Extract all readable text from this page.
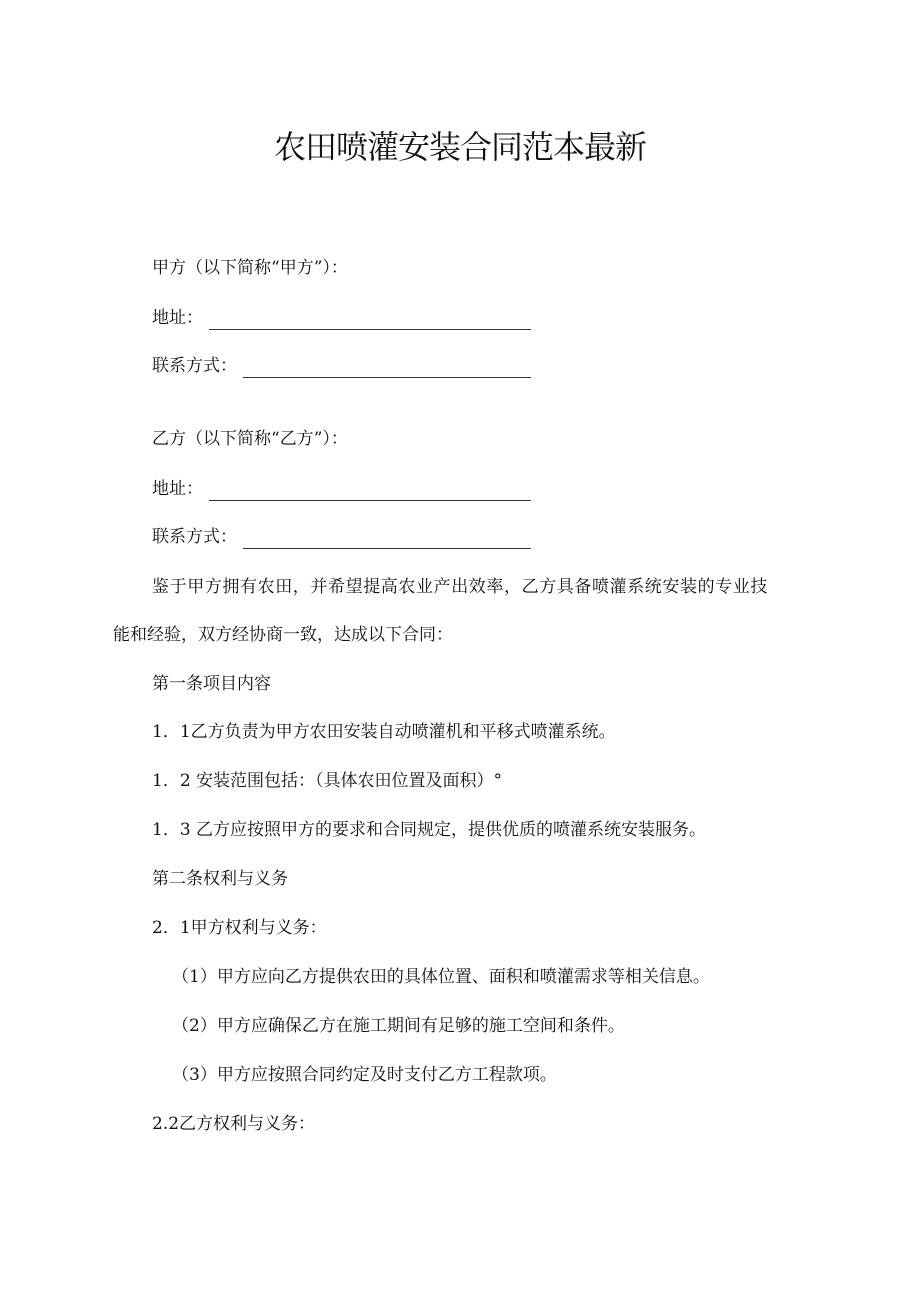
农田喷灌安装合同范本最新
甲方（以下简称“甲方”）：
地址：
联系方式：
乙方（以下简称“乙方”）：
地址：
联系方式：
鉴于甲方拥有农田，并希望提高农业产出效率，乙方具备喷灌系统安装的专业技
能和经验，双方经协商一致，达成以下合同：
第一条项目内容
1．1乙方负责为甲方农田安装自动喷灌机和平移式喷灌系统。
1．2 安装范围包括：（具体农田位置及面积）°
1．3 乙方应按照甲方的要求和合同规定，提供优质的喷灌系统安装服务。
第二条权利与义务
2．1甲方权利与义务：
（1）甲方应向乙方提供农田的具体位置、面积和喷灌需求等相关信息。
（2）甲方应确保乙方在施工期间有足够的施工空间和条件。
（3）甲方应按照合同约定及时支付乙方工程款项。
2.2乙方权利与义务：
